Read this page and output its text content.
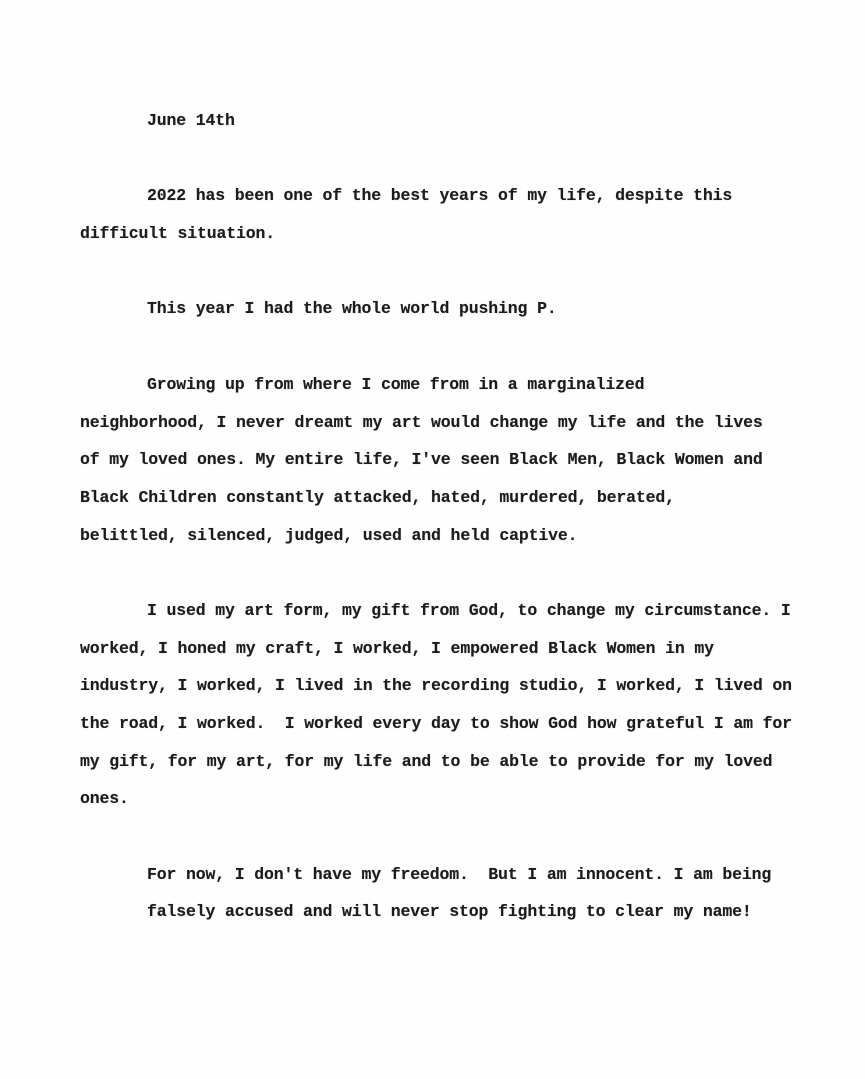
June 14th
2022 has been one of the best years of my life, despite this
difficult situation.
This year I had the whole world pushing P.
Growing up from where I come from in a marginalized
neighborhood, I never dreamt my art would change my life and the lives
of my loved ones. My entire life, I've seen Black Men, Black Women and
Black Children constantly attacked, hated, murdered, berated,
belittled, silenced, judged, used and held captive.
I used my art form, my gift from God, to change my circumstance. I
worked, I honed my craft, I worked, I empowered Black Women in my
industry, I worked, I lived in the recording studio, I worked, I lived on
the road, I worked.  I worked every day to show God how grateful I am for
my gift, for my art, for my life and to be able to provide for my loved
ones.
For now, I don't have my freedom.  But I am innocent. I am being
falsely accused and will never stop fighting to clear my name!
